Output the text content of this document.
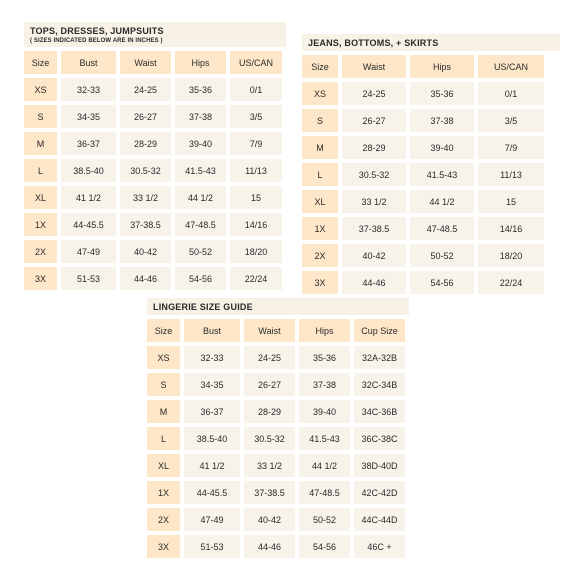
TOPS, DRESSES, JUMPSUITS
( SIZES INDICATED BELOW ARE IN INCHES )
Size	Bust	Waist	Hips	US/CAN
XS	32-33	24-25	35-36	0/1
S	34-35	26-27	37-38	3/5
M	36-37	28-29	39-40	7/9
L	38.5-40	30.5-32	41.5-43	11/13
XL	41 1/2	33 1/2	44 1/2	15
1X	44-45.5	37-38.5	47-48.5	14/16
2X	47-49	40-42	50-52	18/20
3X	51-53	44-46	54-56	22/24
JEANS, BOTTOMS, + SKIRTS
Size	Waist	Hips	US/CAN
XS	24-25	35-36	0/1
S	26-27	37-38	3/5
M	28-29	39-40	7/9
L	30.5-32	41.5-43	11/13
XL	33 1/2	44 1/2	15
1X	37-38.5	47-48.5	14/16
2X	40-42	50-52	18/20
3X	44-46	54-56	22/24
LINGERIE SIZE GUIDE
Size	Bust	Waist	Hips	Cup Size
XS	32-33	24-25	35-36	32A-32B
S	34-35	26-27	37-38	32C-34B
M	36-37	28-29	39-40	34C-36B
L	38.5-40	30.5-32	41.5-43	36C-38C
XL	41 1/2	33 1/2	44 1/2	38D-40D
1X	44-45.5	37-38.5	47-48.5	42C-42D
2X	47-49	40-42	50-52	44C-44D
3X	51-53	44-46	54-56	46C +
